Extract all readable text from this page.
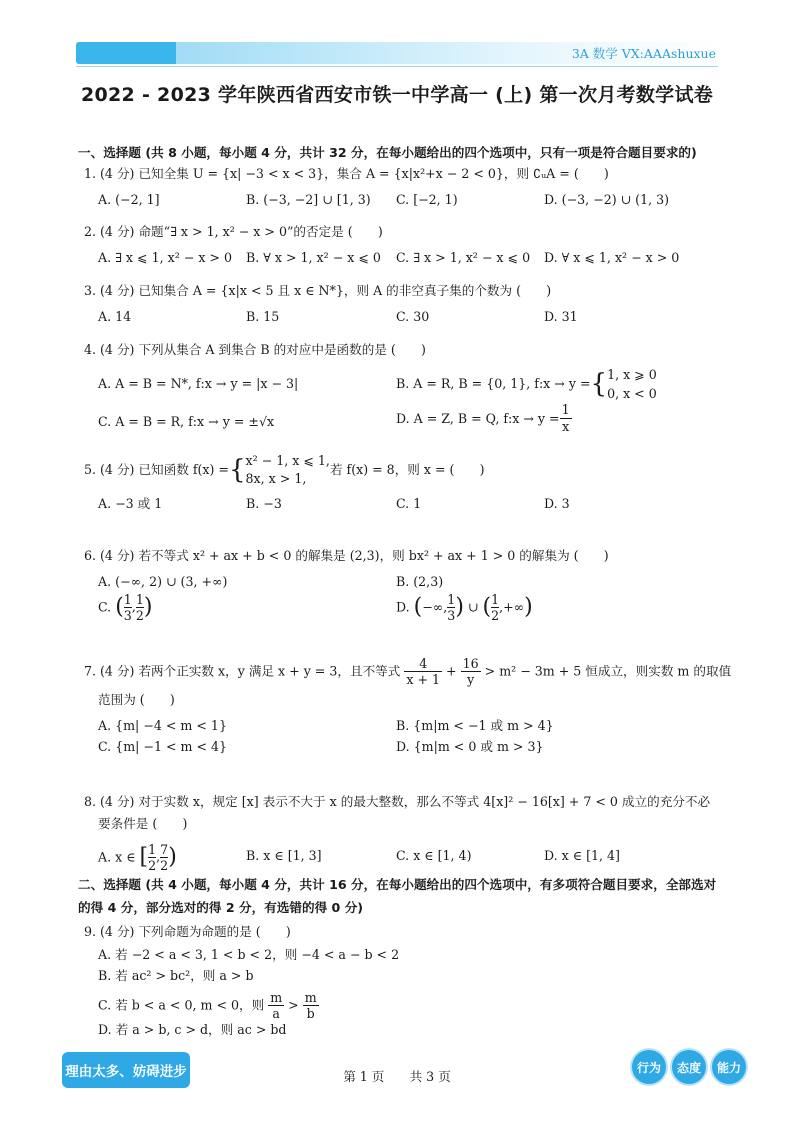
3A 数学 VX:AAAshuxue
2022 - 2023 学年陕西省西安市铁一中学高一 (上) 第一次月考数学试卷
一、选择题 (共 8 小题，每小题 4 分，共计 32 分，在每小题给出的四个选项中，只有一项是符合题目要求的)
1. (4 分) 已知全集 U = {x| −3 < x < 3}，集合 A = {x|x²+x − 2 < 0}，则 ∁ᵤA = (　　)
A. (−2, 1]	B. (−3, −2] ∪ [1, 3) C. [−2, 1)	D. (−3, −2) ∪ (1, 3)
2. (4 分) 命题“∃ x > 1, x² − x > 0”的否定是 (　　)
A. ∃ x ⩽ 1, x² − x > 0 B. ∀ x > 1, x² − x ⩽ 0 C. ∃ x > 1, x² − x ⩽ 0 D. ∀ x ⩽ 1, x² − x > 0
3. (4 分) 已知集合 A = {x|x < 5 且 x ∈ N*}，则 A 的非空真子集的个数为 (　　)
A. 14	B. 15	C. 30	D. 31
4. (4 分) 下列从集合 A 到集合 B 的对应中是函数的是 (　　)
A. A = B = N*, f:x → y = |x − 3|	B. A = R, B = {0, 1}, f:x → y ={ 1, x ⩾ 0
0, x < 0
C. A = B = R, f:x → y = ±√x	D. A = Z, B = Q, f:x → $y = \frac{1}{x}$
5. (4 分) 已知函数 f(x) ={ x² − 1, x ⩽ 1,
8x, x > 1,
若 f(x) = 8，则 x = (　　)
A. −3 或 1	B. −3	C. 1	D. 3
6. (4 分) 若不等式 x² + ax + b < 0 的解集是 (2,3)，则 bx² + ax + 1 > 0 的解集为 (　　)
A. (−∞, 2) ∪ (3, +∞)	B. (2,3)
C. ( $\frac{1}{3}$ , $\frac{1}{2}$ )	D. (−∞, $\frac{1}{3}$ ) ∪ ( $\frac{1}{2}$ ,+∞)
7. (4 分) 若两个正实数 x，y 满足 x + y = 3，且不等式 $\frac{4}{x + 1} + \frac{16}{y} > m^2 - 3m + 5$ 恒成立，则实数 m 的取值
范围为 (　　)
A. {m| −4 < m < 1}	B. {m|m < −1 或 m > 4}
C. {m| −1 < m < 4}	D. {m|m < 0 或 m > 3}
8. (4 分) 对于实数 x，规定 [x] 表示不大于 x 的最大整数，那么不等式 4[x]² − 16[x] + 7 < 0 成立的充分不必
要条件是 (　　)
A. x ∈ [ $\frac{1}{2}$ , $\frac{7}{2}$ )	B. x ∈ [1, 3]	C. x ∈ [1, 4)	D. x ∈ [1, 4]
二、选择题 (共 4 小题，每小题 4 分，共计 16 分，在每小题给出的四个选项中，有多项符合题目要求，全部选对
的得 4 分，部分选对的得 2 分，有选错的得 0 分)
9. (4 分) 下列命题为命题的是 (　　)
A. 若 −2 < a < 3, 1 < b < 2，则 −4 < a − b < 2
B. 若 ac² > bc²，则 a > b
C. 若 b < a < 0, m < 0，则 $\frac{m}{a} > \frac{m}{b}$
D. 若 a > b, c > d，则 ac > bd
理由太多、妨碍进步	第 1 页　　共 3 页
行为 态度 能力
